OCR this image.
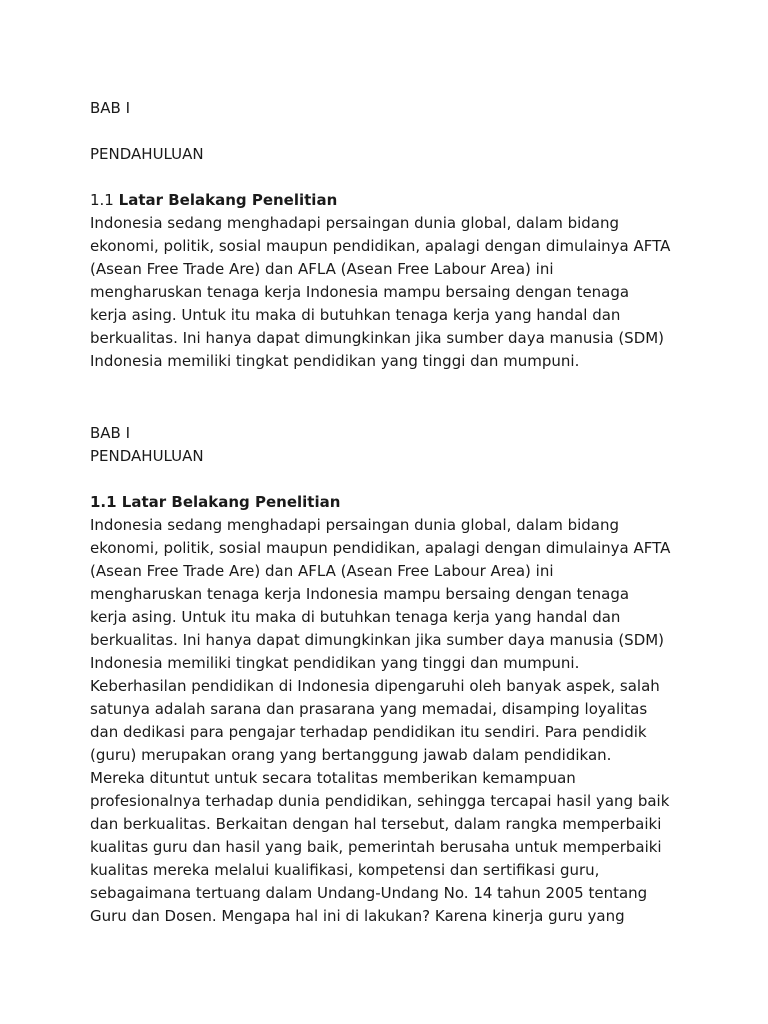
BAB I
PENDAHULUAN
1.1 Latar Belakang Penelitian
Indonesia sedang menghadapi persaingan dunia global, dalam bidang
ekonomi, politik, sosial maupun pendidikan, apalagi dengan dimulainya AFTA
(Asean Free Trade Are) dan AFLA (Asean Free Labour Area) ini
mengharuskan tenaga kerja Indonesia mampu bersaing dengan tenaga
kerja asing. Untuk itu maka di butuhkan tenaga kerja yang handal dan
berkualitas. Ini hanya dapat dimungkinkan jika sumber daya manusia (SDM)
Indonesia memiliki tingkat pendidikan yang tinggi dan mumpuni.
BAB I
PENDAHULUAN
1.1 Latar Belakang Penelitian
Indonesia sedang menghadapi persaingan dunia global, dalam bidang
ekonomi, politik, sosial maupun pendidikan, apalagi dengan dimulainya AFTA
(Asean Free Trade Are) dan AFLA (Asean Free Labour Area) ini
mengharuskan tenaga kerja Indonesia mampu bersaing dengan tenaga
kerja asing. Untuk itu maka di butuhkan tenaga kerja yang handal dan
berkualitas. Ini hanya dapat dimungkinkan jika sumber daya manusia (SDM)
Indonesia memiliki tingkat pendidikan yang tinggi dan mumpuni.
Keberhasilan pendidikan di Indonesia dipengaruhi oleh banyak aspek, salah
satunya adalah sarana dan prasarana yang memadai, disamping loyalitas
dan dedikasi para pengajar terhadap pendidikan itu sendiri. Para pendidik
(guru) merupakan orang yang bertanggung jawab dalam pendidikan.
Mereka dituntut untuk secara totalitas memberikan kemampuan
profesionalnya terhadap dunia pendidikan, sehingga tercapai hasil yang baik
dan berkualitas. Berkaitan dengan hal tersebut, dalam rangka memperbaiki
kualitas guru dan hasil yang baik, pemerintah berusaha untuk memperbaiki
kualitas mereka melalui kualifikasi, kompetensi dan sertifikasi guru,
sebagaimana tertuang dalam Undang-Undang No. 14 tahun 2005 tentang
Guru dan Dosen. Mengapa hal ini di lakukan? Karena kinerja guru yang
